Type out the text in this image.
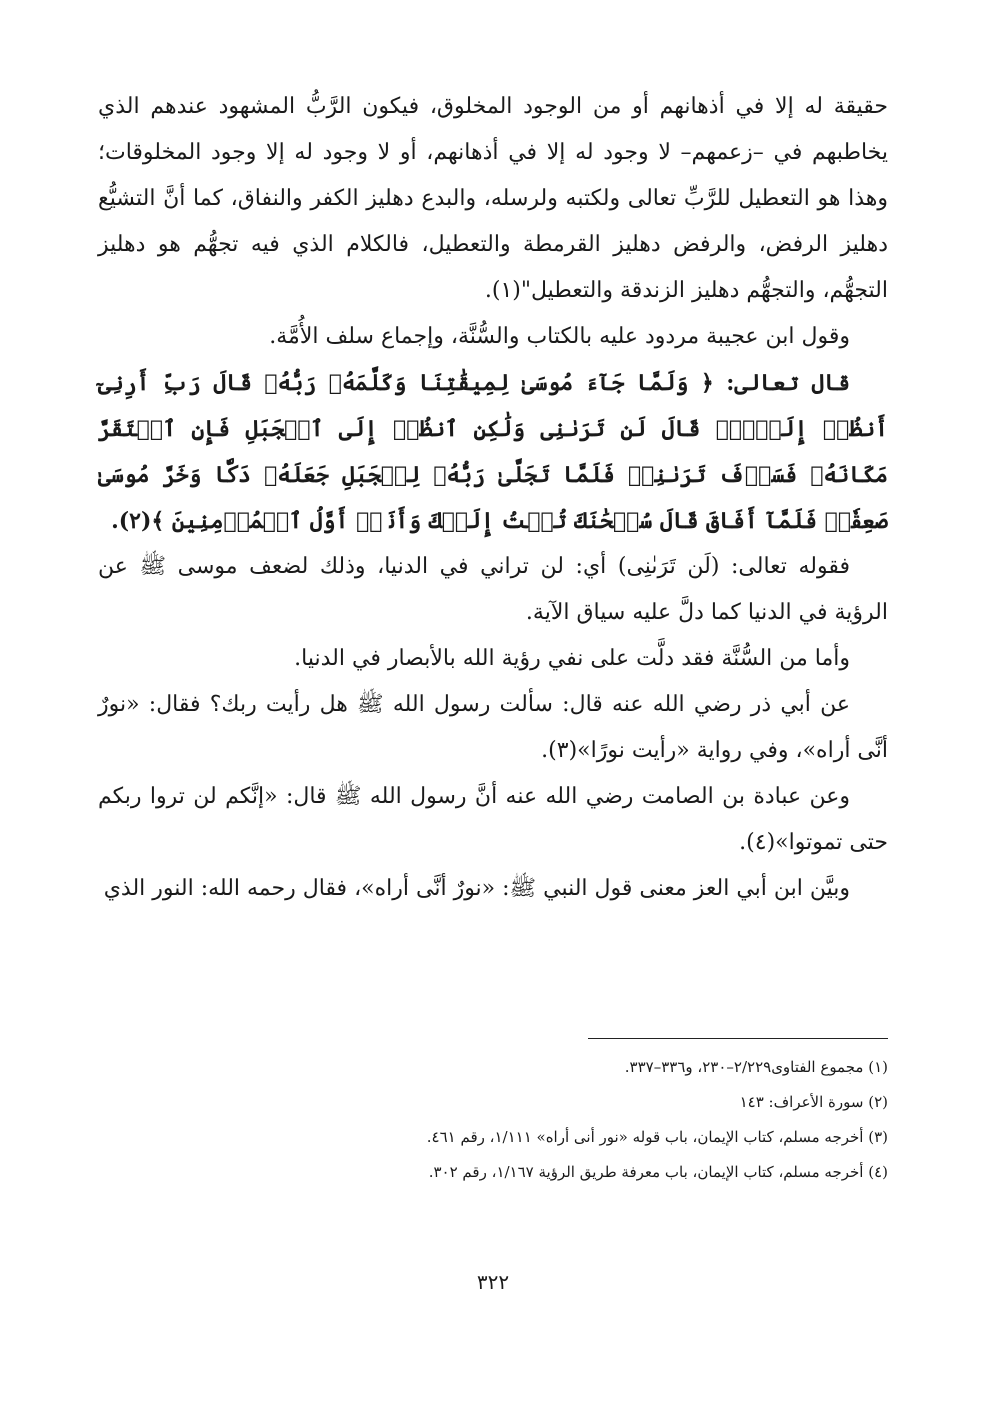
حقيقة له إلا في أذهانهم أو من الوجود المخلوق، فيكون الرَّبُّ المشهود عندهم الذي يخاطبهم في –زعمهم– لا وجود له إلا في أذهانهم، أو لا وجود له إلا وجود المخلوقات؛ وهذا هو التعطيل للرَّبِّ تعالى ولكتبه ولرسله، والبدع دهليز الكفر والنفاق، كما أنَّ التشيُّع دهليز الرفض، والرفض دهليز القرمطة والتعطيل، فالكلام الذي فيه تجهُّم هو دهليز التجهُّم، والتجهُّم دهليز الزندقة والتعطيل"(١).

وقول ابن عجيبة مردود عليه بالكتاب والسُّنَّة، وإجماع سلف الأُمَّة.

قال تعالى: ﴿ وَلَمَّا جَآءَ مُوسَىٰ لِمِيقَٰتِنَا وَكَلَّمَهُۥ رَبُّهُۥ قَالَ رَبِّ أَرِنِىٓ أَنظُرۡ إِلَيۡكَۚ قَالَ لَن تَرَىٰنِى وَلَٰكِنِ ٱنظُرۡ إِلَى ٱلۡجَبَلِ فَإِنِ ٱسۡتَقَرَّ مَكَانَهُۥ فَسَوۡفَ تَرَىٰنِىۚ فَلَمَّا تَجَلَّىٰ رَبُّهُۥ لِلۡجَبَلِ جَعَلَهُۥ دَكّٗا وَخَرَّ مُوسَىٰ صَعِقٗاۚ فَلَمَّآ أَفَاقَ قَالَ سُبۡحَٰنَكَ تُبۡتُ إِلَيۡكَ وَأَنَا۠ أَوَّلُ ٱلۡمُؤۡمِنِينَ ﴾(٢).

فقوله تعالى: (لَن تَرَىٰنِى) أي: لن تراني في الدنيا، وذلك لضعف موسى ﷺ عن الرؤية في الدنيا كما دلَّ عليه سياق الآية.

وأما من السُّنَّة فقد دلَّت على نفي رؤية الله بالأبصار في الدنيا.

عن أبي ذر رضي الله عنه قال: سألت رسول الله ﷺ هل رأيت ربك؟ فقال: «نورٌ أنَّى أراه»، وفي رواية «رأيت نورًا»(٣).

وعن عبادة بن الصامت رضي الله عنه أنَّ رسول الله ﷺ قال: «إنَّكم لن تروا ربكم حتى تموتوا»(٤).

وبيَّن ابن أبي العز معنى قول النبي ﷺ: «نورٌ أنَّى أراه»، فقال رحمه الله: النور الذي

(١) مجموع الفتاوى٢/٢٢٩–٢٣٠، و٣٣٦–٣٣٧.
(٢) سورة الأعراف: ١٤٣
(٣) أخرجه مسلم، كتاب الإيمان، باب قوله «نور أنى أراه» ١/١١١، رقم ٤٦١.
(٤) أخرجه مسلم، كتاب الإيمان، باب معرفة طريق الرؤية ١/١٦٧، رقم ٣٠٢.
٣٢٢
